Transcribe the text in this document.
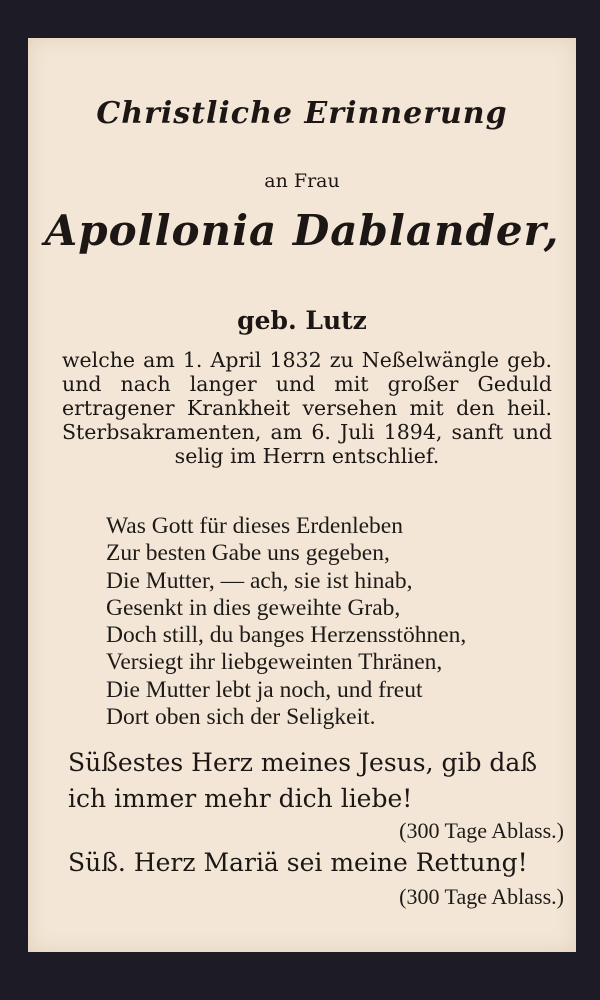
Christliche Erinnerung
an Frau
Apollonia Dablander,
geb. Lutz
welche am 1. April 1832 zu Neßelwängle geb. und nach langer und mit großer Geduld ertragener Krankheit versehen mit den heil. Sterbsakramenten, am 6. Juli 1894, sanft und selig im Herrn entschlief.
Was Gott für dieses Erdenleben
Zur besten Gabe uns gegeben,
Die Mutter, — ach, sie ist hinab,
Gesenkt in dies geweihte Grab,
Doch still, du banges Herzensstöhnen,
Versiegt ihr liebgeweinten Thränen,
Die Mutter lebt ja noch, und freut
Dort oben sich der Seligkeit.
Süßestes Herz meines Jesus, gib daß
ich immer mehr dich liebe!
(300 Tage Ablass.)
Süß. Herz Mariä sei meine Rettung!
(300 Tage Ablass.)
